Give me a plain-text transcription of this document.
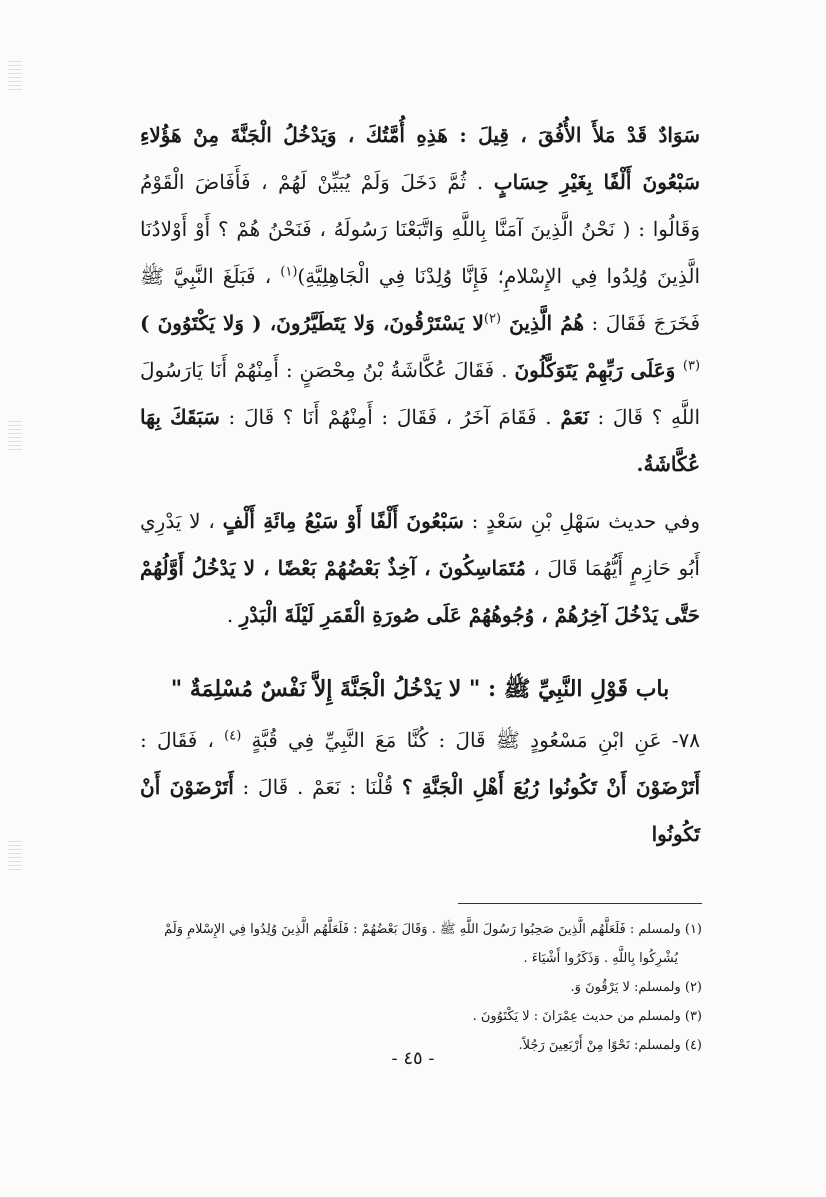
سَوَادٌ قَدْ مَلأَ الأُفُقَ ، قِيلَ : هَذِهِ أُمَّتُكَ ، وَيَدْخُلُ الْجَنَّةَ مِنْ هَؤُلاءِ سَبْعُونَ أَلْفًا بِغَيْرِ حِسَابٍ . ثُمَّ دَخَلَ وَلَمْ يُبَيِّنْ لَهُمْ ، فَأَفَاضَ الْقَوْمُ وَقَالُوا : ( نَحْنُ الَّذِينَ آمَنَّا بِاللَّهِ وَاتَّبَعْنَا رَسُولَهُ ، فَنَحْنُ هُمْ ؟ أَوْ أَوْلادُنَا الَّذِينَ وُلِدُوا فِي الإِسْلامِ؛ فَإِنَّا وُلِدْنَا فِي الْجَاهِلِيَّةِ)$^{(١)}$ ، فَبَلَغَ النَّبِيَّ ﷺ فَخَرَجَ فَقَالَ : هُمُ الَّذِينَ $^{(٢)}$لا يَسْتَرْقُونَ، وَلا يَتَطَيَّرُونَ، ( وَلا يَكْتَوُونَ )$^{(٣)}$ وَعَلَى رَبِّهِمْ يَتَوَكَّلُونَ . فَقَالَ عُكَّاشَةُ بْنُ مِحْصَنٍ : أَمِنْهُمْ أَنَا يَارَسُولَ اللَّهِ ؟ قَالَ : نَعَمْ . فَقَامَ آخَرُ ، فَقَالَ : أَمِنْهُمْ أَنَا ؟ قَالَ : سَبَقَكَ بِهَا عُكَّاشَةُ.

وفي حديث سَهْلِ بْنِ سَعْدٍ : سَبْعُونَ أَلْفًا أَوْ سَبْعُ مِائَةِ أَلْفٍ ، لا يَدْرِي أَبُو حَازِمٍ أَيُّهُمَا قَالَ ، مُتَمَاسِكُونَ ، آخِذٌ بَعْضُهُمْ بَعْضًا ، لا يَدْخُلُ أَوَّلُهُمْ حَتَّى يَدْخُلَ آخِرُهُمْ ، وُجُوهُهُمْ عَلَى صُورَةِ الْقَمَرِ لَيْلَةَ الْبَدْرِ .

باب قَوْلِ النَّبِيِّ ﷺ : " لا يَدْخُلُ الْجَنَّةَ إِلاَّ نَفْسٌ مُسْلِمَةٌ "

٧٨- عَنِ ابْنِ مَسْعُودٍ ﷺ قَالَ : كُنَّا مَعَ النَّبِيِّ فِي قُبَّةٍ $^{(٤)}$ ، فَقَالَ : أَتَرْضَوْنَ أَنْ تَكُونُوا رُبُعَ أَهْلِ الْجَنَّةِ ؟ قُلْنَا : نَعَمْ . قَالَ : أَتَرْضَوْنَ أَنْ تَكُونُوا

(١) ولمسلم : فَلَعَلَّهُم الَّذِينَ صَحِبُوا رَسُولَ اللَّهِ ﷺ . وَقَالَ بَعْضُهُمْ : فَلَعَلَّهُم الَّذِينَ وُلِدُوا فِي الإِسْلامِ وَلَمْ
يُشْرِكُوا بِاللَّهِ . وَذَكَرُوا أَشْيَاءَ .
(٢) ولمسلم: لا يَرْقُونَ وَ.
(٣) ولمسلم من حديث عِمْرَانَ : لا يَكْتَوُونَ .
(٤) ولمسلم: نَحْوًا مِنْ أَرْبَعِينَ رَجُلاً.
- ٤٥ -
